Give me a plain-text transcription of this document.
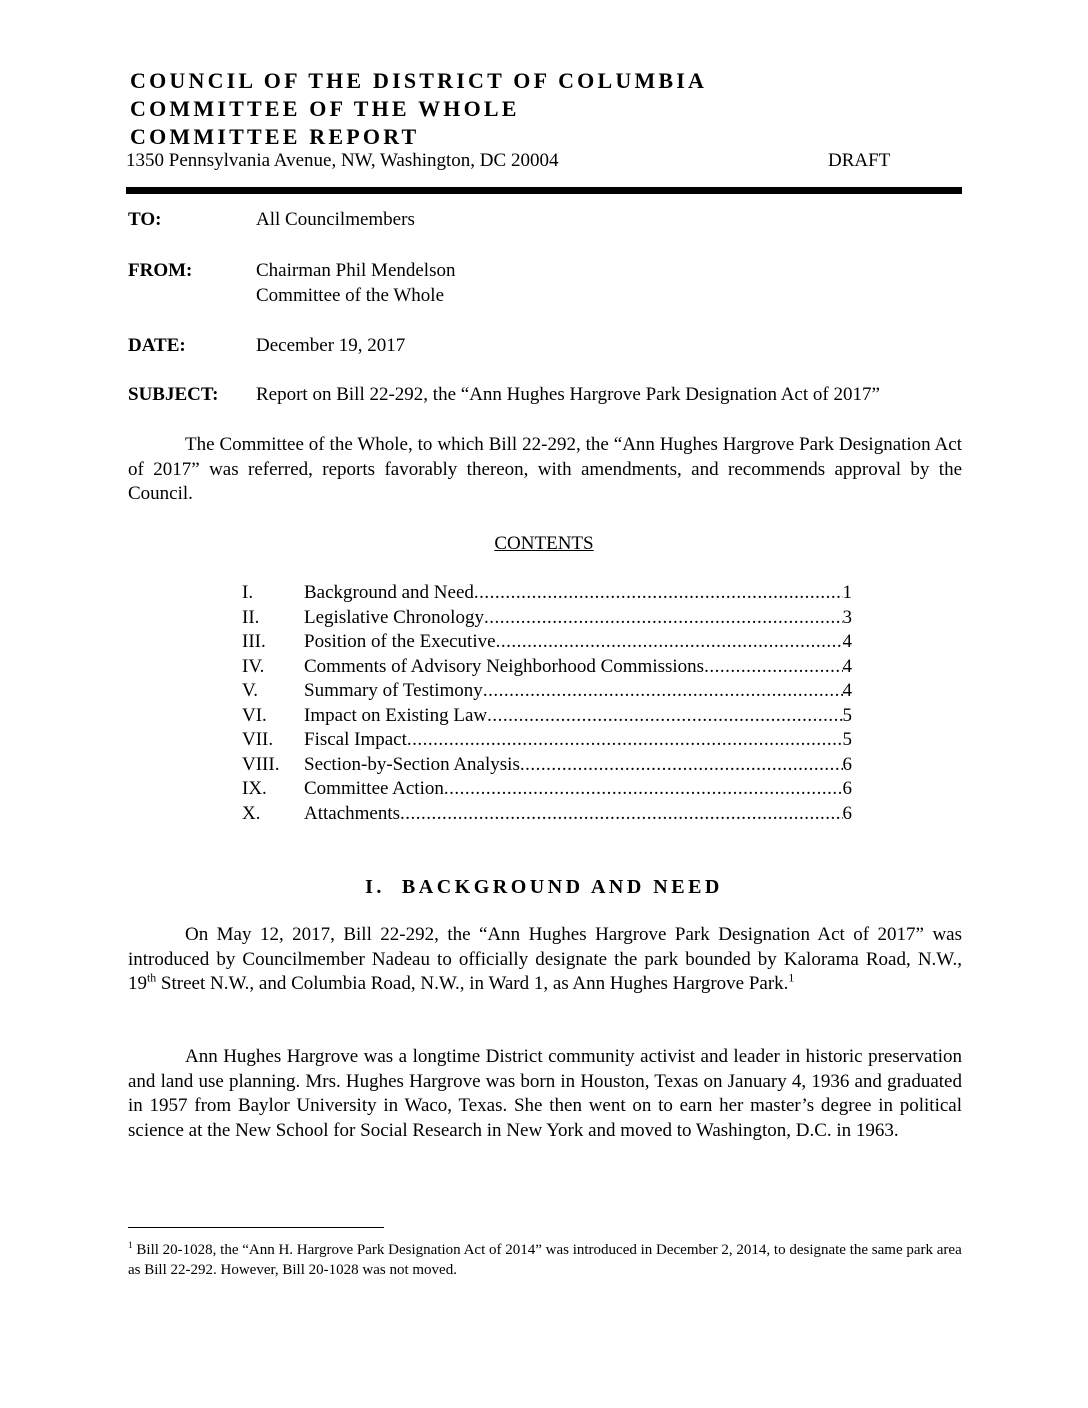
COUNCIL OF THE DISTRICT OF COLUMBIA
COMMITTEE OF THE WHOLE
COMMITTEE REPORT
1350 Pennsylvania Avenue, NW, Washington, DC 20004	DRAFT
TO:	All Councilmembers
FROM:	Chairman Phil Mendelson
Committee of the Whole
DATE:	December 19, 2017
SUBJECT: Report on Bill 22-292, the “Ann Hughes Hargrove Park Designation Act of 2017”

The Committee of the Whole, to which Bill 22-292, the “Ann Hughes Hargrove Park Designation Act of 2017” was referred, reports favorably thereon, with amendments, and recommends approval by the Council.

CONTENTS
I.	Background and Need .....	1
II.	Legislative Chronology .....	3
III.	Position of the Executive .....	4
IV.	Comments of Advisory Neighborhood Commissions .....	4
V.	Summary of Testimony .....	4
VI.	Impact on Existing Law .....	5
VII.	Fiscal Impact .....	5
VIII.	Section-by-Section Analysis .....	6
IX.	Committee Action .....	6
X.	Attachments .....	6
I.  BACKGROUND AND NEED

On May 12, 2017, Bill 22-292, the “Ann Hughes Hargrove Park Designation Act of 2017” was introduced by Councilmember Nadeau to officially designate the park bounded by Kalorama Road, N.W., 19th Street N.W., and Columbia Road, N.W., in Ward 1, as Ann Hughes Hargrove Park.$^1$

Ann Hughes Hargrove was a longtime District community activist and leader in historic preservation and land use planning. Mrs. Hughes Hargrove was born in Houston, Texas on January 4, 1936 and graduated in 1957 from Baylor University in Waco, Texas. She then went on to earn her master’s degree in political science at the New School for Social Research in New York and moved to Washington, D.C. in 1963.

$^1$ Bill 20-1028, the “Ann H. Hargrove Park Designation Act of 2014” was introduced in December 2, 2014, to designate the same park area as Bill 22-292. However, Bill 20-1028 was not moved.
